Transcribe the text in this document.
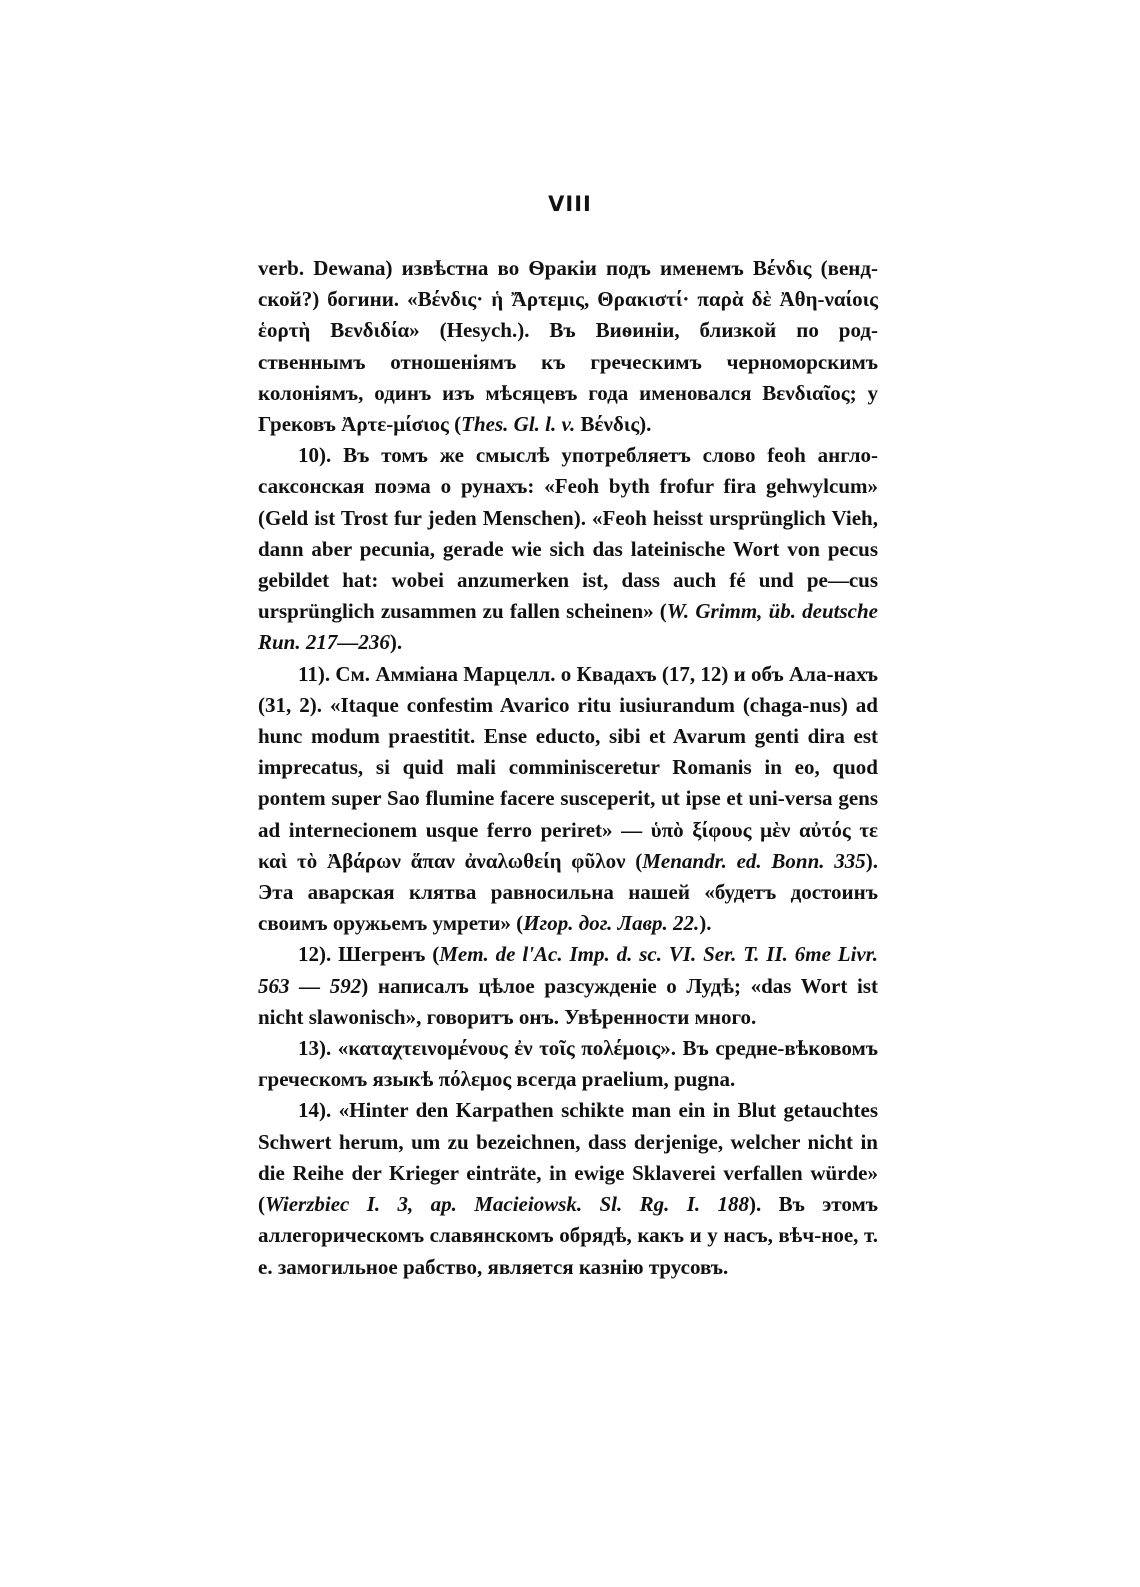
VIII

verb. Dewana) извѣстна во Ѳракіи подъ именемъ Βένδις (венд-ской?) богини. «Βένδις· ἡ Ἄρτεμις, Θρακιστί· παρὰ δὲ Ἀθη-ναίοις ἑορτὴ Βενδιδία» (Hesych.). Въ Виѳиніи, близкой по род-ственнымъ отношеніямъ къ греческимъ черноморскимъ колоніямъ, одинъ изъ мѣсяцевъ года именовался Βενδιαῖος; у Грековъ Ἀρτε-μίσιος (Thes. Gl. l. v. Βένδις).

10). Въ томъ же смыслѣ употребляетъ слово feoh англо-саксонская поэма о рунахъ: «Feoh byth frofur fira gehwylcum» (Geld ist Trost fur jeden Menschen). «Feoh heisst ursprünglich Vieh, dann aber pecunia, gerade wie sich das lateinische Wort von pecus gebildet hat: wobei anzumerken ist, dass auch fé und pe—cus ursprünglich zusammen zu fallen scheinen» (W. Grimm, üb. deutsche Run. 217—236).

11). См. Амміана Марцелл. о Квадахъ (17, 12) и объ Ала-нахъ (31, 2). «Itaque confestim Avarico ritu iusiurandum (chaga-nus) ad hunc modum praestitit. Ense educto, sibi et Avarum genti dira est imprecatus, si quid mali comminisceretur Romanis in eo, quod pontem super Sao flumine facere susceperit, ut ipse et uni-versa gens ad internecionem usque ferro periret» — ὑπὸ ξίφους μὲν αὐτός τε καὶ τὸ Ἀβάρων ἅπαν ἀναλωθείη φῦλον (Menandr. ed. Bonn. 335). Эта аварская клятва равносильна нашей «будетъ достоинъ своимъ оружьемъ умрети» (Игор. дог. Лавр. 22.).

12). Шегренъ (Mem. de l'Ac. Imp. d. sc. VI. Ser. T. II. 6me Livr. 563 — 592) написалъ цѣлое разсужденіе о Лудѣ; «das Wort ist nicht slawonisch», говоритъ онъ. Увѣренности много.

13). «καταχτεινομένους ἐν τοῖς πολέμοις». Въ средне-вѣковомъ греческомъ языкѣ πόλεμος всегда praelium, pugna.

14). «Hinter den Karpathen schikte man ein in Blut getauchtes Schwert herum, um zu bezeichnen, dass derjenige, welcher nicht in die Reihe der Krieger einträte, in ewige Sklaverei verfallen würde» (Wierzbiec I. 3, ap. Macieiowsk. Sl. Rg. I. 188). Въ этомъ аллегорическомъ славянскомъ обрядѣ, какъ и у насъ, вѣч-ное, т. е. замогильное рабство, является казнію трусовъ.
